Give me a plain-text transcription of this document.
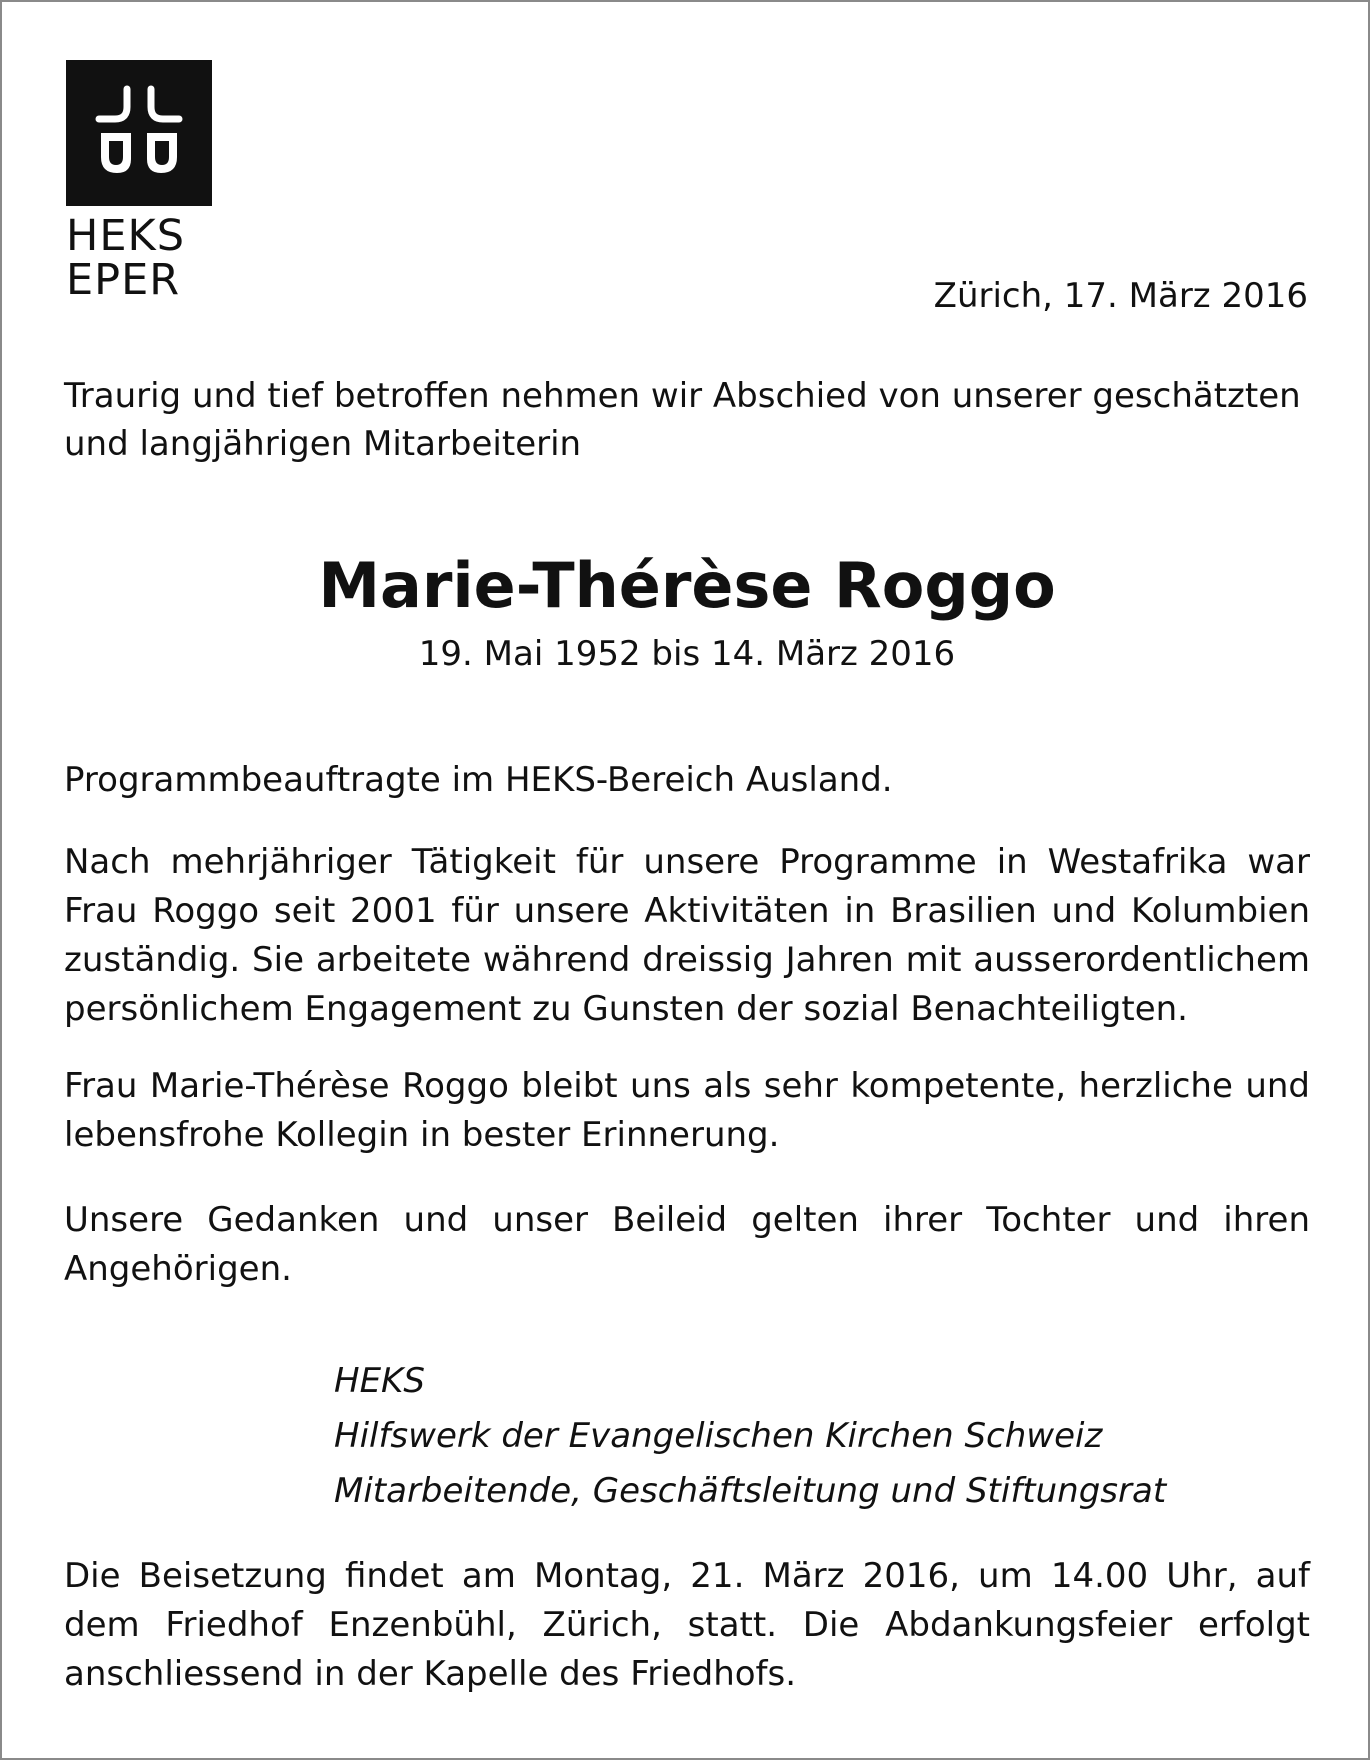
HEKS
EPER	Zürich, 17. März 2016
Traurig und tief betroffen nehmen wir Abschied von unserer geschätzten und langjährigen Mitarbeiterin
Marie-Thérèse Roggo
19. Mai 1952 bis 14. März 2016
Programmbeauftragte im HEKS-Bereich Ausland.
Nach mehrjähriger Tätigkeit für unsere Programme in Westafrika war Frau Roggo seit 2001 für unsere Aktivitäten in Brasilien und Kolumbien zuständig. Sie arbeitete während dreissig Jahren mit ausserordentlichem persönlichem Engagement zu Gunsten der sozial Benachteiligten.
Frau Marie-Thérèse Roggo bleibt uns als sehr kompetente, herzliche und lebensfrohe Kollegin in bester Erinnerung.
Unsere Gedanken und unser Beileid gelten ihrer Tochter und ihren Angehörigen.
HEKS
Hilfswerk der Evangelischen Kirchen Schweiz
Mitarbeitende, Geschäftsleitung und Stiftungsrat
Die Beisetzung findet am Montag, 21. März 2016, um 14.00 Uhr, auf dem Friedhof Enzenbühl, Zürich, statt. Die Abdankungsfeier erfolgt anschliessend in der Kapelle des Friedhofs.
